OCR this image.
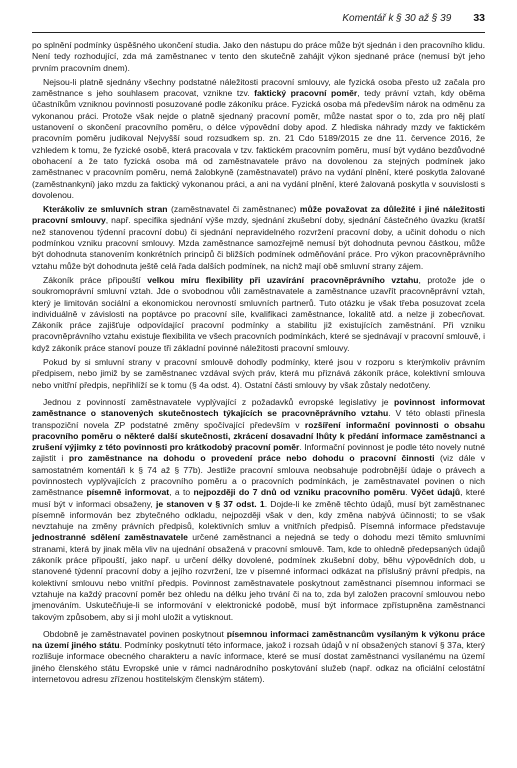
Komentář k § 30 až § 39 33

po splnění podmínky úspěšného ukončení studia. Jako den nástupu do práce může být sjednán i den pracovního klidu. Není tedy rozhodující, zda má zaměstnanec v tento den skutečně zahájit výkon sjednané práce (nemusí být jeho prvním pracovním dnem).

Nejsou-li platně sjednány všechny podstatné náležitosti pracovní smlouvy, ale fyzická osoba přesto už začala pro zaměstnance s jeho souhlasem pracovat, vznikne tzv. faktický pracovní poměr, tedy právní vztah, kdy oběma účastníkům vzniknou povinnosti posuzované podle zákoníku práce. Fyzická osoba má především nárok na odměnu za vykonanou práci. Protože však nejde o platně sjednaný pracovní poměr, může nastat spor o to, zda pro něj platí ustanovení o skončení pracovního poměru, o délce výpovědní doby apod. Z hlediska náhrady mzdy ve faktickém pracovním poměru judikoval Nejvyšší soud rozsudkem sp. zn. 21 Cdo 5189/2015 ze dne 11. července 2016, že vzhledem k tomu, že fyzické osobě, která pracovala v tzv. faktickém pracovním poměru, musí být vydáno bezdůvodné obohacení a že tato fyzická osoba má od zaměstnavatele právo na dovolenou za stejných podmínek jako zaměstnanec v pracovním poměru, nemá žalobkyně (zaměstnavatel) právo na vydání plnění, které poskytla žalované (zaměstnankyni) jako mzdu za faktický vykonanou práci, a ani na vydání plnění, které žalovaná poskytla v souvislosti s dovolenou.

Kterákoliv ze smluvních stran (zaměstnavatel či zaměstnanec) může považovat za důležité i jiné náležitosti pracovní smlouvy, např. specifika sjednání výše mzdy, sjednání zkušební doby, sjednání částečného úvazku (kratší než stanovenou týdenní pracovní dobu) či sjednání nepravidelného rozvržení pracovní doby, a učinit dohodu o nich podmínkou vzniku pracovní smlouvy. Mzda zaměstnance samozřejmě nemusí být dohodnuta pevnou částkou, může být dohodnuta stanovením konkrétních principů či bližších podmínek odměňování práce. Pro výkon pracovněprávního vztahu může být dohodnuta ještě celá řada dalších podmínek, na nichž mají obě smluvní strany zájem.

Zákoník práce připouští velkou míru flexibility při uzavírání pracovněprávního vztahu, protože jde o soukromoprávní smluvní vztah. Jde o svobodnou vůli zaměstnavatele a zaměstnance uzavřít pracovněprávní vztah, který je limitován sociální a ekonomickou nerovností smluvních partnerů. Tuto otázku je však třeba posuzovat zcela individuálně v závislosti na poptávce po pracovní síle, kvalifikaci zaměstnance, lokalitě atd. a nelze ji zobecňovat. Zákoník práce zajišťuje odpovídající pracovní podmínky a stabilitu již existujících zaměstnání. Při vzniku pracovněprávního vztahu existuje flexibilita ve všech pracovních podmínkách, které se sjednávají v pracovní smlouvě, i když zákoník práce stanoví pouze tři základní povinné náležitosti pracovní smlouvy.

Pokud by si smluvní strany v pracovní smlouvě dohodly podmínky, které jsou v rozporu s kterýmkoliv právním předpisem, nebo jimiž by se zaměstnanec vzdával svých práv, která mu přiznává zákoník práce, kolektivní smlouva nebo vnitřní předpis, nepřihlíží se k tomu (§ 4a odst. 4). Ostatní části smlouvy by však zůstaly nedotčeny.

Jednou z povinností zaměstnavatele vyplývající z požadavků evropské legislativy je povinnost informovat zaměstnance o stanovených skutečnostech týkajících se pracovněprávního vztahu. V této oblasti přinesla transpoziční novela ZP podstatné změny spočívající především v rozšíření informační povinnosti o obsahu pracovního poměru o některé další skutečnosti, zkrácení dosavadní lhůty k předání informace zaměstnanci a zrušení výjimky z této povinnosti pro krátkodobý pracovní poměr. Informační povinnost je podle této novely nutné zajistit i pro zaměstnance na dohodu o provedení práce nebo dohodu o pracovní činnosti (viz dále v samostatném komentáři k § 74 až § 77b). Jestliže pracovní smlouva neobsahuje podrobnější údaje o právech a povinnostech vyplývajících z pracovního poměru a o pracovních podmínkách, je zaměstnavatel povinen o nich zaměstnance písemně informovat, a to nejpozději do 7 dnů od vzniku pracovního poměru. Výčet údajů, které musí být v informaci obsaženy, je stanoven v § 37 odst. 1. Dojde-li ke změně těchto údajů, musí být zaměstnanec písemně informován bez zbytečného odkladu, nejpozději však v den, kdy změna nabývá účinnosti; to se však nevztahuje na změny právních předpisů, kolektivních smluv a vnitřních předpisů. Písemná informace představuje jednostranné sdělení zaměstnavatele určené zaměstnanci a nejedná se tedy o dohodu mezi těmito smluvními stranami, která by jinak měla vliv na ujednání obsažená v pracovní smlouvě. Tam, kde to ohledně předepsaných údajů zákoník práce připouští, jako např. u určení délky dovolené, podmínek zkušební doby, běhu výpovědních dob, u stanovené týdenní pracovní doby a jejího rozvržení, lze v písemné informaci odkázat na příslušný právní předpis, na kolektivní smlouvu nebo vnitřní předpis. Povinnost zaměstnavatele poskytnout zaměstnanci písemnou informaci se vztahuje na každý pracovní poměr bez ohledu na délku jeho trvání či na to, zda byl založen pracovní smlouvou nebo jmenováním. Uskutečňuje-li se informování v elektronické podobě, musí být informace zpřístupněna zaměstnanci takovým způsobem, aby si ji mohl uložit a vytisknout.

Obdobně je zaměstnavatel povinen poskytnout písemnou informaci zaměstnancům vysílaným k výkonu práce na území jiného státu. Podmínky poskytnutí této informace, jakož i rozsah údajů v ní obsažených stanoví § 37a, který rozlišuje informace obecného charakteru a navíc informace, které se musí dostat zaměstnanci vysílanému na území jiného členského státu Evropské unie v rámci nadnárodního poskytování služeb (např. odkaz na oficiální celostátní internetovou adresu zřízenou hostitelským členským státem).
